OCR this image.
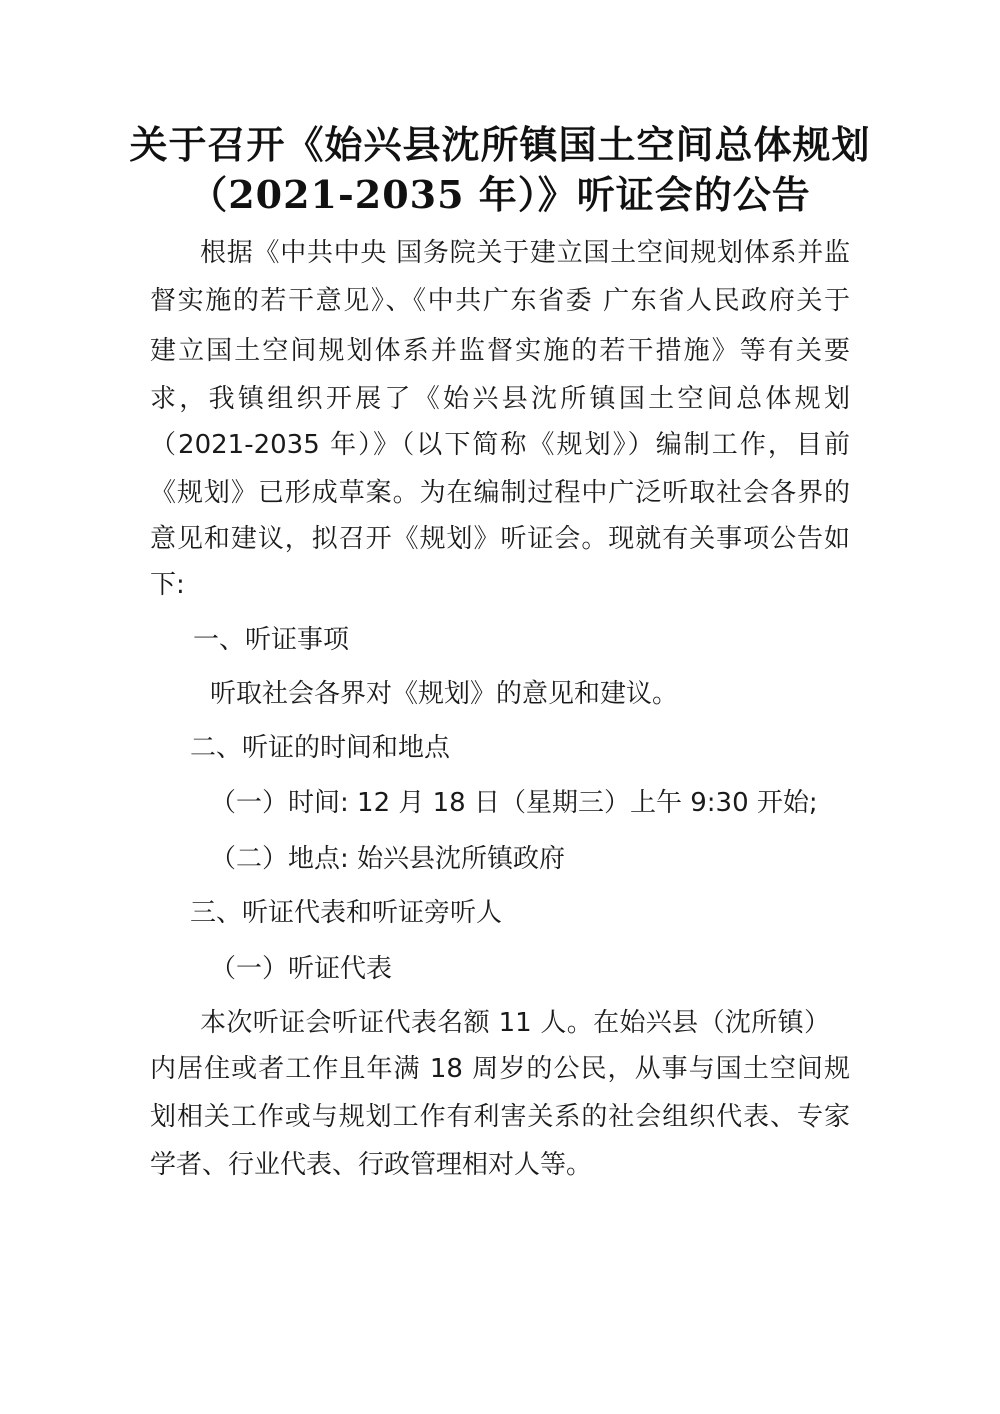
关于召开《始兴县沈所镇国土空间总体规划
（2021-2035 年）》听证会的公告
根据《中共中央 国务院关于建立国土空间规划体系并监
督实施的若干意见》、《中共广东省委 广东省人民政府关于
建立国土空间规划体系并监督实施的若干措施》等有关要
求，我镇组织开展了《始兴县沈所镇国土空间总体规划
（2021-2035 年）》（以下简称《规划》）编制工作，目前
《规划》已形成草案。为在编制过程中广泛听取社会各界的
意见和建议，拟召开《规划》听证会。现就有关事项公告如
下:
一、听证事项
听取社会各界对《规划》的意见和建议。
二、听证的时间和地点
（一）时间: 12 月 18 日（星期三）上午 9:30 开始;
（二）地点: 始兴县沈所镇政府
三、听证代表和听证旁听人
（一）听证代表
本次听证会听证代表名额 11 人。在始兴县（沈所镇）
内居住或者工作且年满 18 周岁的公民，从事与国土空间规
划相关工作或与规划工作有利害关系的社会组织代表、专家
学者、行业代表、行政管理相对人等。
